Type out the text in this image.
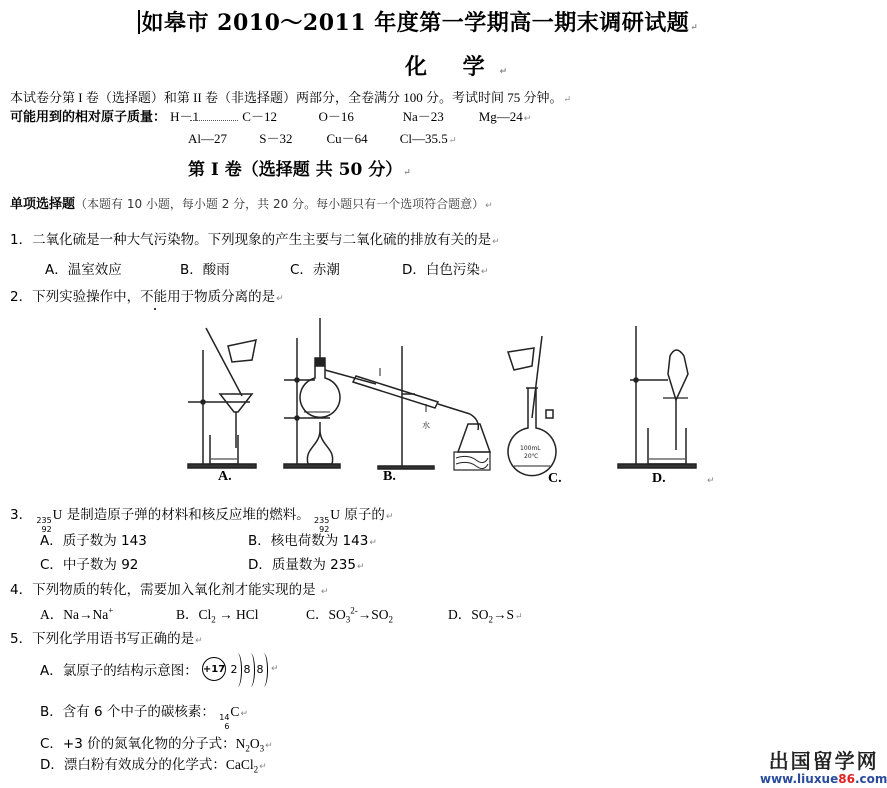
如皋市 2010～2011 年度第一学期高一期末调研试题↵
化 学↵
本试卷分第 I 卷（选择题）和第 II 卷（非选择题）两部分，全卷满分 100 分。考试时间 75 分钟。↵
可能用到的相对原子质量： H－1	C－12	O－16	Na－23	Mg—24↵
Al—27 S－32	Cu－64 Cl—35.5↵
第 I 卷（选择题 共 50 分）↵
单项选择题（本题有 10 小题，每小题 2 分，共 20 分。每小题只有一个选项符合题意）↵
1．二氧化硫是一种大气污染物。下列现象的产生主要与二氧化硫的排放有关的是↵
A．温室效应	B．酸雨	C．赤潮	D．白色污染↵
2．下列实验操作中，不能用于物质分离的是↵
水
100mL
20℃
A.	B.	C.	D.	↵
3． 235
92
U 是制造原子弹的材料和核反应堆的燃料。 235
92
U 原子的↵
A．质子数为 143	B．核电荷数为 143↵
C．中子数为 92	D．质量数为 235↵
4．下列物质的转化，需要加入氧化剂才能实现的是 ↵
A．Na→Na+	B．$Cl_2$ → HCl	C．$SO_3^{2-}\to SO_2$	D．$SO_2\to S↵$
5．下列化学用语书写正确的是↵
A．氯原子的结构示意图： +17 2 8 8 ↵
B．含有 6 个中子的碳核素： 14
6
C↵
C．+3 价的氮氧化物的分子式：$N_2O_3↵$
D．漂白粉有效成分的化学式：CaCl$_2$↵	出国留学网
www.liuxue86.com
